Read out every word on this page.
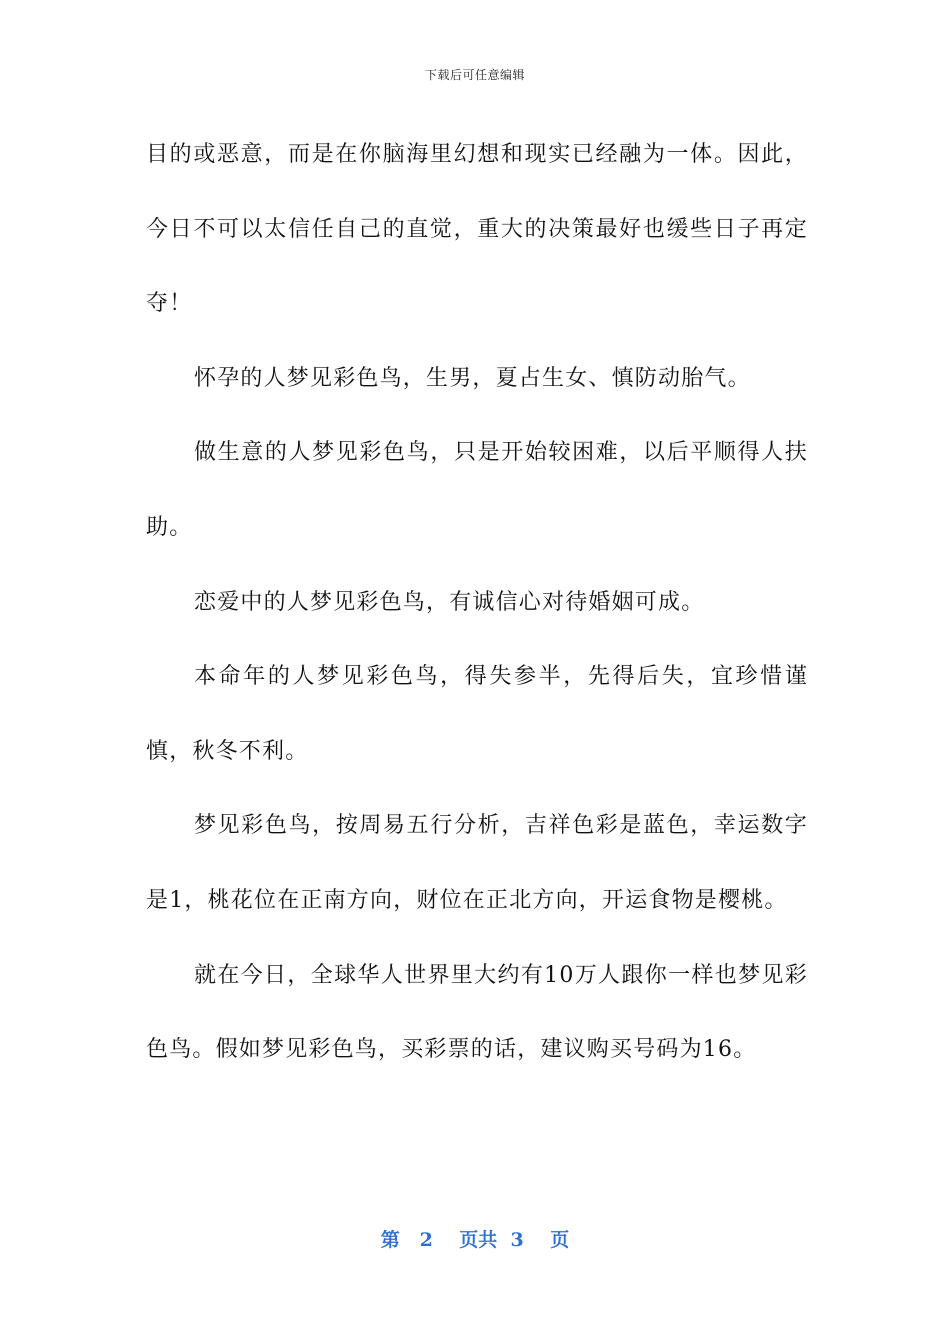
下载后可任意编辑

目的或恶意，而是在你脑海里幻想和现实已经融为一体。因此，今日不可以太信任自己的直觉，重大的决策最好也缓些日子再定夺！

怀孕的人梦见彩色鸟，生男，夏占生女、慎防动胎气。

做生意的人梦见彩色鸟，只是开始较困难，以后平顺得人扶助。

恋爱中的人梦见彩色鸟，有诚信心对待婚姻可成。

本命年的人梦见彩色鸟，得失参半，先得后失，宜珍惜谨慎，秋冬不利。

梦见彩色鸟，按周易五行分析，吉祥色彩是蓝色，幸运数字是1，桃花位在正南方向，财位在正北方向，开运食物是樱桃。

就在今日，全球华人世界里大约有10万人跟你一样也梦见彩色鸟。假如梦见彩色鸟，买彩票的话，建议购买号码为16。

第 2 页共 3 页
